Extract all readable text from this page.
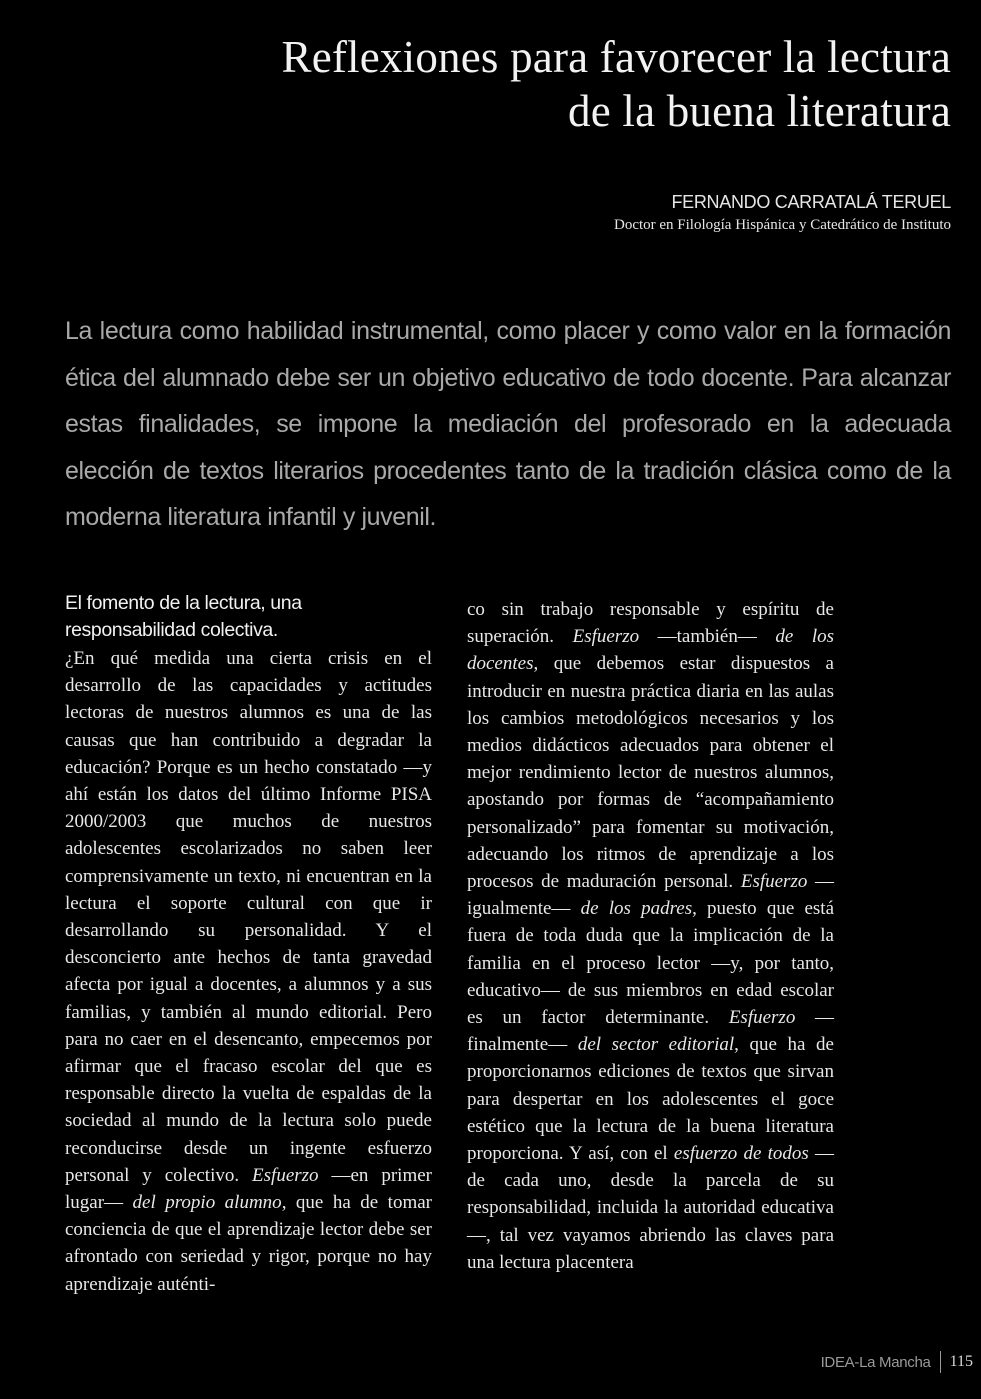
Reflexiones para favorecer la lectura
de la buena literatura
FERNANDO CARRATALÁ TERUEL
Doctor en Filología Hispánica y Catedrático de Instituto

La lectura como habilidad instrumental, como placer y como valor en la formación ética del alumnado debe ser un objetivo educativo de todo docente. Para alcanzar estas finalidades, se impone la mediación del profesorado en la adecuada elección de textos literarios procedentes tanto de la tradición clásica como de la moderna literatura infantil y juvenil.

El fomento de la lectura, una responsabilidad colectiva.

¿En qué medida una cierta crisis en el desarrollo de las capacidades y actitudes lectoras de nuestros alumnos es una de las causas que han contribuido a degradar la educación? Porque es un hecho constatado —y ahí están los datos del último Informe PISA 2000/2003 que muchos de nuestros adolescentes escolarizados no saben leer comprensivamente un texto, ni encuentran en la lectura el soporte cultural con que ir desarrollando su personalidad. Y el desconcierto ante hechos de tanta gravedad afecta por igual a docentes, a alumnos y a sus familias, y también al mundo editorial. Pero para no caer en el desencanto, empecemos por afirmar que el fracaso escolar del que es responsable directo la vuelta de espaldas de la sociedad al mundo de la lectura solo puede reconducirse desde un ingente esfuerzo personal y colectivo. Esfuerzo —en primer lugar— del propio alumno, que ha de tomar conciencia de que el aprendizaje lector debe ser afrontado con seriedad y rigor, porque no hay aprendizaje auténti-

co sin trabajo responsable y espíritu de superación. Esfuerzo —también— de los docentes, que debemos estar dispuestos a introducir en nuestra práctica diaria en las aulas los cambios metodológicos necesarios y los medios didácticos adecuados para obtener el mejor rendimiento lector de nuestros alumnos, apostando por formas de “acompañamiento personalizado” para fomentar su motivación, adecuando los ritmos de aprendizaje a los procesos de maduración personal. Esfuerzo —igualmente— de los padres, puesto que está fuera de toda duda que la implicación de la familia en el proceso lector —y, por tanto, educativo— de sus miembros en edad escolar es un factor determinante. Esfuerzo —finalmente— del sector editorial, que ha de proporcionarnos ediciones de textos que sirvan para despertar en los adolescentes el goce estético que la lectura de la buena literatura proporciona. Y así, con el esfuerzo de todos —de cada uno, desde la parcela de su responsabilidad, incluida la autoridad educativa—, tal vez vayamos abriendo las claves para una lectura placentera

IDEA-La Mancha 115
